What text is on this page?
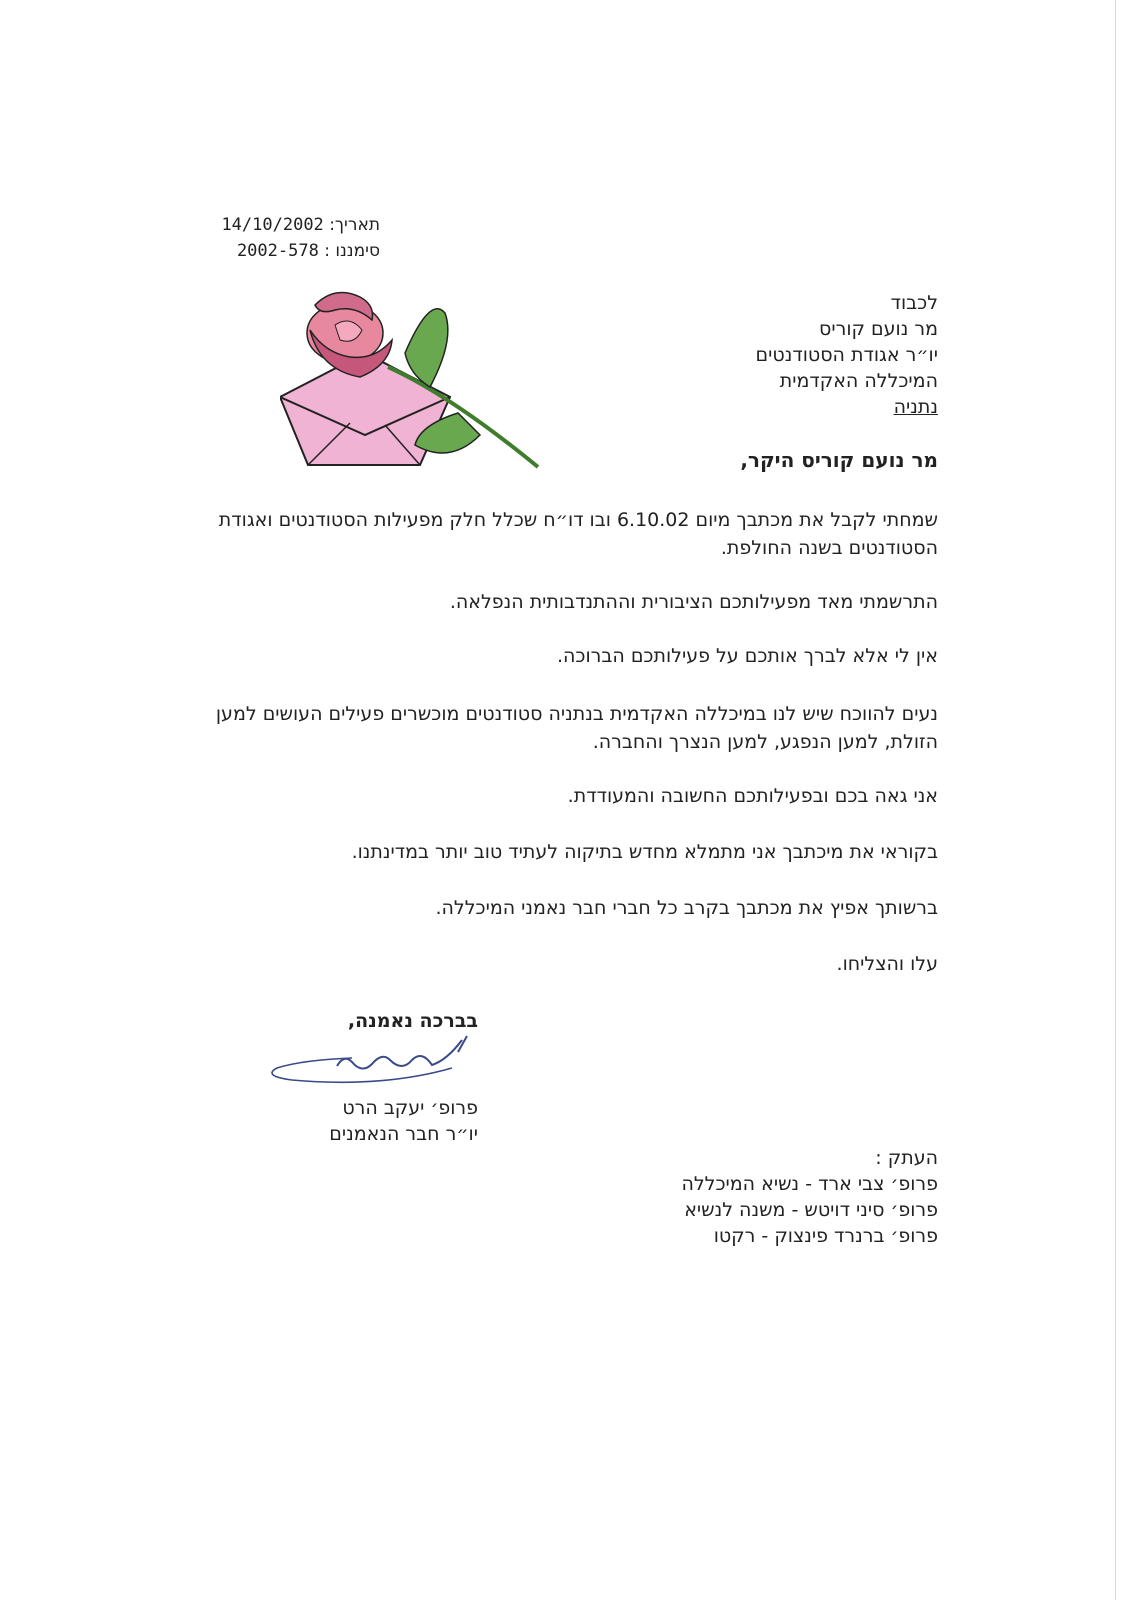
תאריך: 14/10/2002
סימננו : 2002-578
לכבוד
מר נועם קוריס
יו״ר אגודת הסטודנטים
המיכללה האקדמית
נתניה
מר נועם קוריס היקר,
שמחתי לקבל את מכתבך מיום 6.10.02 ובו דו״ח שכלל חלק מפעילות הסטודנטים ואגודת הסטודנטים בשנה החולפת.
התרשמתי מאד מפעילותכם הציבורית וההתנדבותית הנפלאה.
אין לי אלא לברך אותכם על פעילותכם הברוכה.
נעים להווכח שיש לנו במיכללה האקדמית בנתניה סטודנטים מוכשרים פעילים העושים למען הזולת, למען הנפגע, למען הנצרך והחברה.
אני גאה בכם ובפעילותכם החשובה והמעודדת.
בקוראי את מיכתבך אני מתמלא מחדש בתיקוה לעתיד טוב יותר במדינתנו.
ברשותך אפיץ את מכתבך בקרב כל חברי חבר נאמני המיכללה.
עלו והצליחו.
בברכה נאמנה,
פרופ׳ יעקב הרט
יו״ר חבר הנאמנים
העתק :
פרופ׳ צבי ארד - נשיא המיכללה
פרופ׳ סיני דויטש - משנה לנשיא
פרופ׳ ברנרד פינצוק - רקטו
